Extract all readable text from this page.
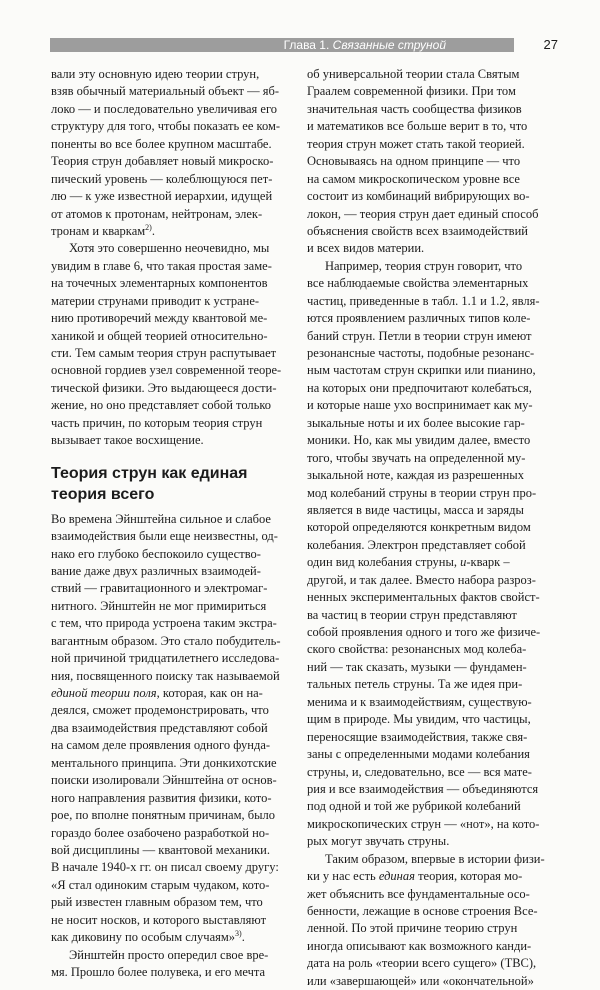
Глава 1. Связанные струной	27
вали эту основную идею теории струн,
взяв обычный материальный объект — яб-
локо — и последовательно увеличивая его
структуру для того, чтобы показать ее ком-
поненты во все более крупном масштабе.
Теория струн добавляет новый микроско-
пический уровень — колеблющуюся пет-
лю — к уже известной иерархии, идущей
от атомов к протонам, нейтронам, элек-
тронам и кваркам$^{2)}$.
Хотя это совершенно неочевидно, мы
увидим в главе 6, что такая простая заме-
на точечных элементарных компонентов
материи струнами приводит к устране-
нию противоречий между квантовой ме-
ханикой и общей теорией относительно-
сти. Тем самым теория струн распутывает
основной гордиев узел современной теоре-
тической физики. Это выдающееся дости-
жение, но оно представляет собой только
часть причин, по которым теория струн
вызывает такое восхищение.
Теория струн как единая
теория всего
Во времена Эйнштейна сильное и слабое
взаимодействия были еще неизвестны, од-
нако его глубоко беспокоило существо-
вание даже двух различных взаимодей-
ствий — гравитационного и электромаг-
нитного. Эйнштейн не мог примириться
с тем, что природа устроена таким экстра-
вагантным образом. Это стало побудитель-
ной причиной тридцатилетнего исследова-
ния, посвященного поиску так называемой
единой теории поля, которая, как он на-
деялся, сможет продемонстрировать, что
два взаимодействия представляют собой
на самом деле проявления одного фунда-
ментального принципа. Эти донкихотские
поиски изолировали Эйнштейна от основ-
ного направления развития физики, кото-
рое, по вполне понятным причинам, было
гораздо более озабочено разработкой но-
вой дисциплины — квантовой механики.
В начале 1940-х гг. он писал своему другу:
«Я стал одиноким старым чудаком, кото-
рый известен главным образом тем, что
не носит носков, и которого выставляют
как диковину по особым случаям»$^{3)}$.
Эйнштейн просто опередил свое вре-
мя. Прошло более полувека, и его мечта
об универсальной теории стала Святым
Граалем современной физики. При том
значительная часть сообщества физиков
и математиков все больше верит в то, что
теория струн может стать такой теорией.
Основываясь на одном принципе — что
на самом микроскопическом уровне все
состоит из комбинаций вибрирующих во-
локон, — теория струн дает единый способ
объяснения свойств всех взаимодействий
и всех видов материи.
Например, теория струн говорит, что
все наблюдаемые свойства элементарных
частиц, приведенные в табл. 1.1 и 1.2, явля-
ются проявлением различных типов коле-
баний струн. Петли в теории струн имеют
резонансные частоты, подобные резонанс-
ным частотам струн скрипки или пианино,
на которых они предпочитают колебаться,
и которые наше ухо воспринимает как му-
зыкальные ноты и их более высокие гар-
моники. Но, как мы увидим далее, вместо
того, чтобы звучать на определенной му-
зыкальной ноте, каждая из разрешенных
мод колебаний струны в теории струн про-
является в виде частицы, масса и заряды
которой определяются конкретным видом
колебания. Электрон представляет собой
один вид колебания струны, u-кварк –
другой, и так далее. Вместо набора разроз-
ненных экспериментальных фактов свойст-
ва частиц в теории струн представляют
собой проявления одного и того же физиче-
ского свойства: резонансных мод колеба-
ний — так сказать, музыки — фундамен-
тальных петель струны. Та же идея при-
менима и к взаимодействиям, существую-
щим в природе. Мы увидим, что частицы,
переносящие взаимодействия, также свя-
заны с определенными модами колебания
струны, и, следовательно, все — вся мате-
рия и все взаимодействия — объединяются
под одной и той же рубрикой колебаний
микроскопических струн — «нот», на кото-
рых могут звучать струны.
Таким образом, впервые в истории физи-
ки у нас есть единая теория, которая мо-
жет объяснить все фундаментальные осо-
бенности, лежащие в основе строения Все-
ленной. По этой причине теорию струн
иногда описывают как возможного канди-
дата на роль «теории всего сущего» (ТВС),
или «завершающей» или «окончательной»
